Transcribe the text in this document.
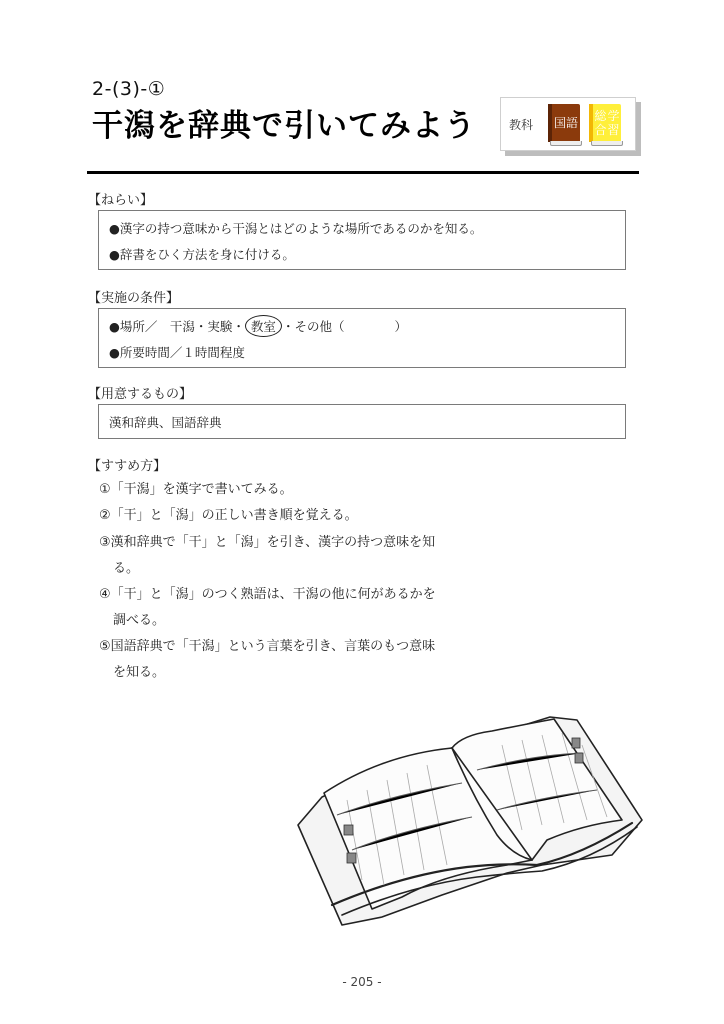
2-(3)-①
干潟を辞典で引いてみよう	教科 国語 総合

学習
【ねらい】
●漢字の持つ意味から干潟とはどのような場所であるのかを知る。
●辞書をひく方法を身に付ける。
【実施の条件】
●場所／　干潟・実験・ 教室 ・その他（　　　　）
●所要時間／１時間程度
【用意するもの】
漢和辞典、国語辞典
【すすめ方】
①「干潟」を漢字で書いてみる。
②「干」と「潟」の正しい書き順を覚える。
③漢和辞典で「干」と「潟」を引き、漢字の持つ意味を知
る。
④「干」と「潟」のつく熟語は、干潟の他に何があるかを
調べる。
⑤国語辞典で「干潟」という言葉を引き、言葉のもつ意味
を知る。
- 205 -
